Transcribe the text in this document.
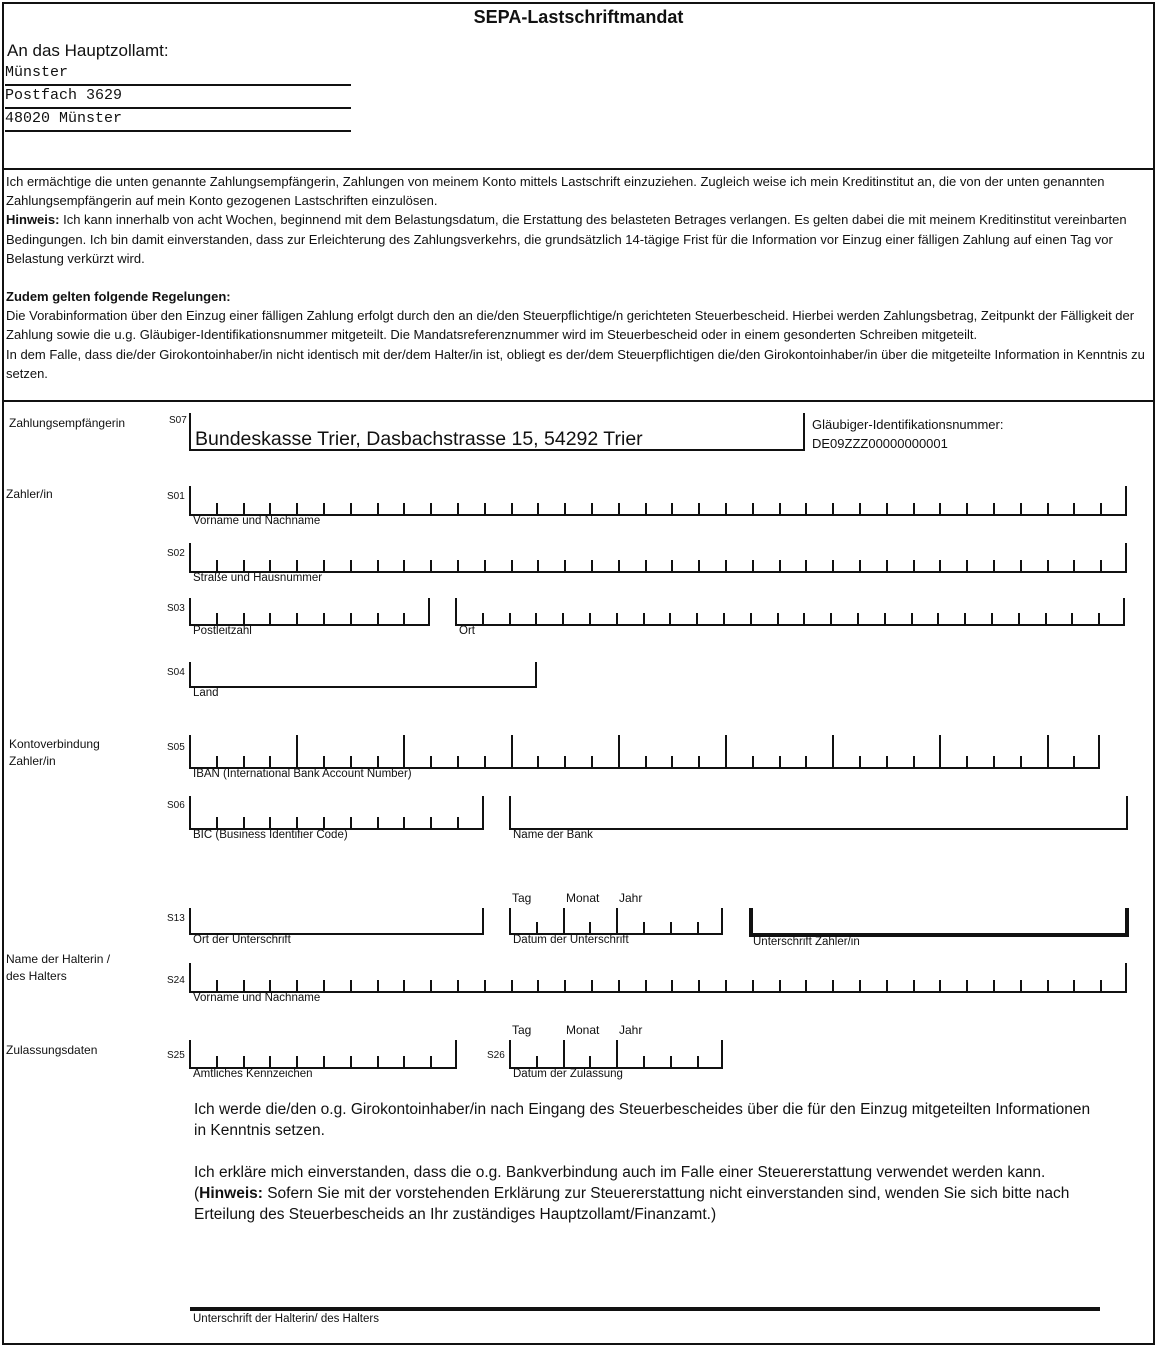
SEPA-Lastschriftmandat
An das Hauptzollamt:
Münster
Postfach 3629
48020 Münster

Ich ermächtige die unten genannte Zahlungsempfängerin, Zahlungen von meinem Konto mittels Lastschrift einzuziehen. Zugleich weise ich mein Kreditinstitut an, die von der unten genannten Zahlungsempfängerin auf mein Konto gezogenen Lastschriften einzulösen.

Hinweis: Ich kann innerhalb von acht Wochen, beginnend mit dem Belastungsdatum, die Erstattung des belasteten Betrages verlangen. Es gelten dabei die mit meinem Kreditinstitut vereinbarten Bedingungen. Ich bin damit einverstanden, dass zur Erleichterung des Zahlungsverkehrs, die grundsätzlich 14-tägige Frist für die Information vor Einzug einer fälligen Zahlung auf einen Tag vor Belastung verkürzt wird.

Zudem gelten folgende Regelungen:

Die Vorabinformation über den Einzug einer fälligen Zahlung erfolgt durch den an die/den Steuerpflichtige/n gerichteten Steuerbescheid. Hierbei werden Zahlungsbetrag, Zeitpunkt der Fälligkeit der Zahlung sowie die u.g. Gläubiger-Identifikationsnummer mitgeteilt. Die Mandatsreferenznummer wird im Steuerbescheid oder in einem gesonderten Schreiben mitgeteilt.

In dem Falle, dass die/der Girokontoinhaber/in nicht identisch mit der/dem Halter/in ist, obliegt es der/dem Steuerpflichtigen die/den Girokontoinhaber/in über die mitgeteilte Information in Kenntnis zu setzen.

Zahlungsempfängerin
Zahler/in
Kontoverbindung
Zahler/in
Name der Halterin /
des Halters
Zulassungsdaten
S07
Bundeskasse Trier, Dasbachstrasse 15, 54292 Trier
Gläubiger-Identifikationsnummer:
DE09ZZZ00000000001
S01
Vorname und Nachname
S02
Straße und Hausnummer
S03
Postleitzahl	Ort
S04
Land
S05
IBAN (International Bank Account Number)
S06
BIC (Business Identifier Code)	Name der Bank
S13
Ort der Unterschrift	Datum der Unterschrift
Tag	Monat Jahr
Unterschrift Zahler/in
S24
Vorname und Nachname
S25
Amtliches Kennzeichen
S26
Datum der Zulassung
Tag	Monat Jahr

Ich werde die/den o.g. Girokontoinhaber/in nach Eingang des Steuerbescheides über die für den Einzug mitgeteilten Informationen in Kenntnis setzen.

Ich erkläre mich einverstanden, dass die o.g. Bankverbindung auch im Falle einer Steuererstattung verwendet werden kann. (Hinweis: Sofern Sie mit der vorstehenden Erklärung zur Steuererstattung nicht einverstanden sind, wenden Sie sich bitte nach Erteilung des Steuerbescheids an Ihr zuständiges Hauptzollamt/Finanzamt.)

Unterschrift der Halterin/ des Halters
